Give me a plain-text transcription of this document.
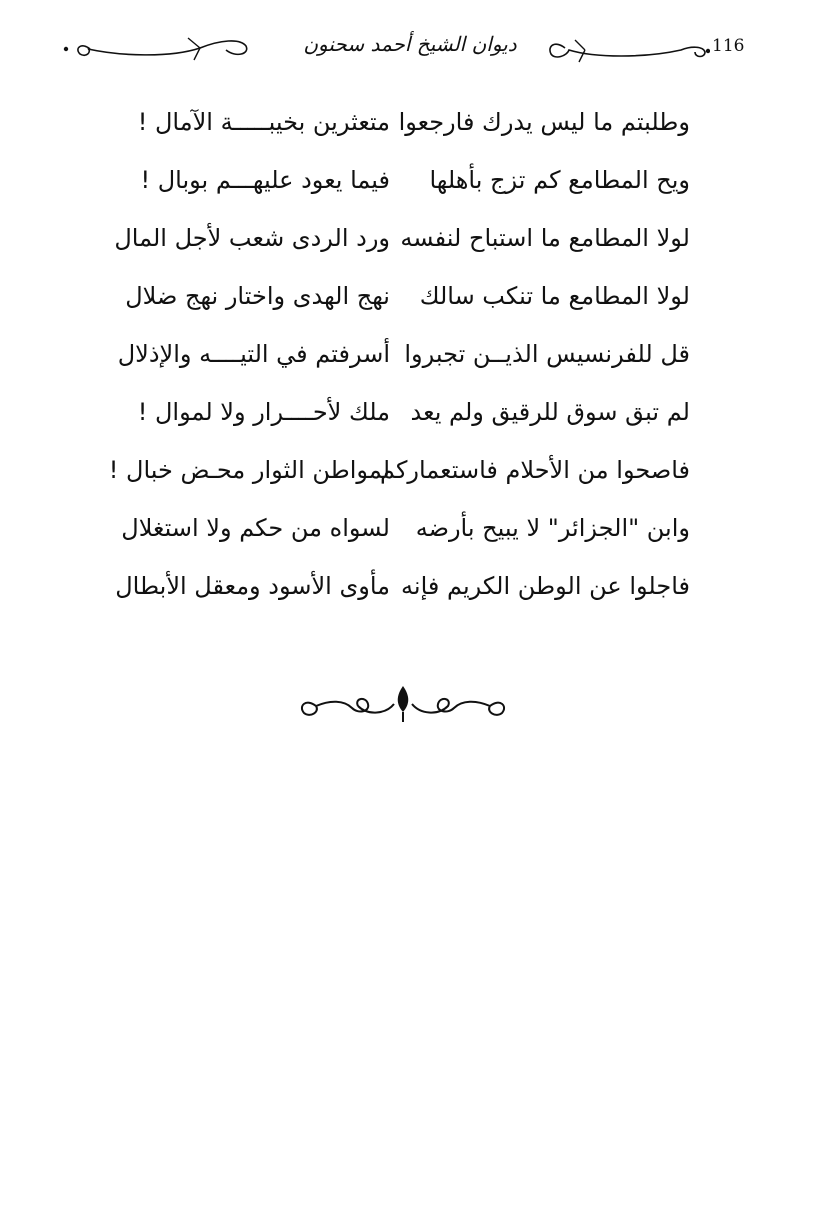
ديوان الشيخ أحمد سحنون	116
وطلبتم ما ليس يدرك فارجعوا
متعثرين بخيبـــــة الآمال !
ويح المطامع كم تزج بأهلها
فيما يعود عليهـــم بوبال !
لولا المطامع ما استباح لنفسه
ورد الردى شعب لأجل المال
لولا المطامع ما تنكب سالك
نهج الهدى واختار نهج ضلال
قل للفرنسيس الذيــن تجبروا
أسرفتم في التيــــه والإذلال
لم تبق سوق للرقيق ولم يعد
ملك لأحــــرار ولا لموال !
فاصحوا من الأحلام فاستعماركم
لمواطن الثوار محـض خبال !
وابن "الجزائر" لا يبيح بأرضه
لسواه من حكم ولا استغلال
فاجلوا عن الوطن الكريم فإنه
مأوى الأسود ومعقل الأبطال
